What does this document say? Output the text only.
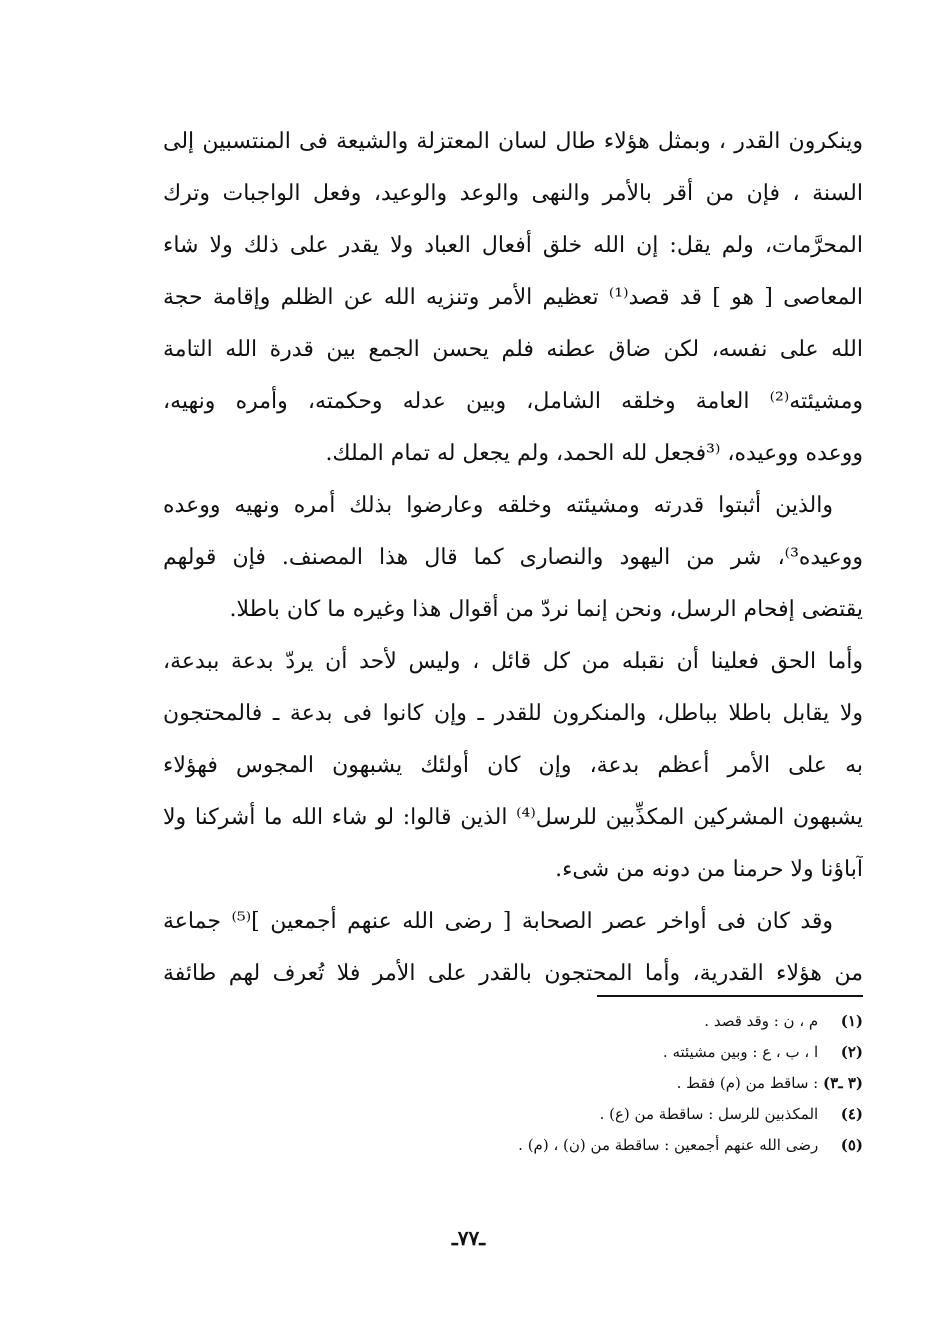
وينكرون القدر ، وبمثل هؤلاء طال لسان المعتزلة والشيعة فى المنتسبين إلى
السنة ، فإن من أقر بالأمر والنهى والوعد والوعيد، وفعل الواجبات وترك
المحرَّمات، ولم يقل: إن الله خلق أفعال العباد ولا يقدر على ذلك ولا شاء
المعاصى [ هو ] قد قصد⁽¹⁾ تعظيم الأمر وتنزيه الله عن الظلم وإقامة حجة
الله على نفسه، لكن ضاق عطنه فلم يحسن الجمع بين قدرة الله التامة
ومشيئته⁽²⁾ العامة وخلقه الشامل، وبين عدله وحكمته، وأمره ونهيه،
ووعده ووعيده، ⁽³فجعل لله الحمد، ولم يجعل له تمام الملك.
والذين أثبتوا قدرته ومشيئته وخلقه وعارضوا بذلك أمره ونهيه ووعده
ووعيده³⁾، شر من اليهود والنصارى كما قال هذا المصنف. فإن قولهم
يقتضى إفحام الرسل، ونحن إنما نردّ من أقوال هذا وغيره ما كان باطلا.
وأما الحق فعلينا أن نقبله من كل قائل ، وليس لأحد أن يردّ بدعة ببدعة،
ولا يقابل باطلا بباطل، والمنكرون للقدر ـ وإن كانوا فى بدعة ـ فالمحتجون
به على الأمر أعظم بدعة، وإن كان أولئك يشبهون المجوس فهؤلاء
يشبهون المشركين المكذِّبين للرسل⁽⁴⁾ الذين قالوا: لو شاء الله ما أشركنا ولا
آباؤنا ولا حرمنا من دونه من شىء.
وقد كان فى أواخر عصر الصحابة [ رضى الله عنهم أجمعين ]⁽⁵⁾ جماعة
من هؤلاء القدرية، وأما المحتجون بالقدر على الأمر فلا تُعرف لهم طائفة
(١) م ، ن : وقد قصد .
(٢) ا ، ب ، ع : وبين مشيئته .
(٣ ـ٣) : ساقط من (م) فقط .
(٤) المكذبين للرسل : ساقطة من (ع) .
(٥) رضى الله عنهم أجمعين : ساقطة من (ن) ، (م) .
ـ٧٧ـ
